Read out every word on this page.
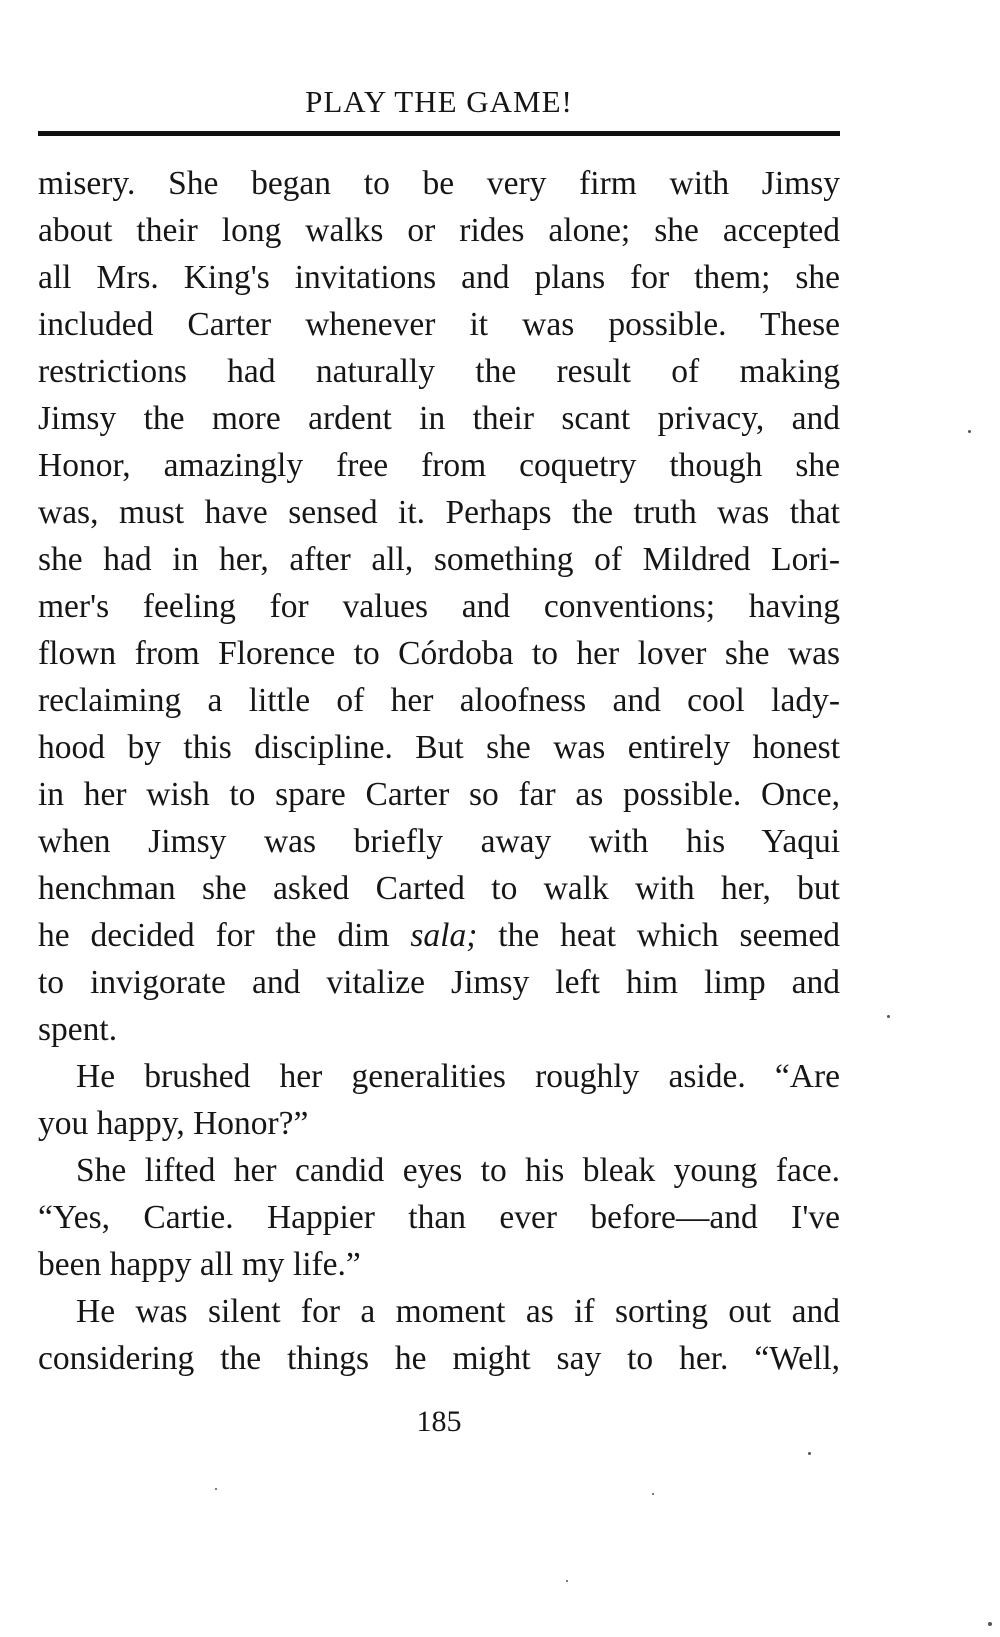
PLAY THE GAME!
misery. She began to be very firm with Jimsy
about their long walks or rides alone; she accepted
all Mrs. King's invitations and plans for them; she
included Carter whenever it was possible. These
restrictions had naturally the result of making
Jimsy the more ardent in their scant privacy, and
Honor, amazingly free from coquetry though she
was, must have sensed it. Perhaps the truth was that
she had in her, after all, something of Mildred Lori-
mer's feeling for values and conventions; having
flown from Florence to Córdoba to her lover she was
reclaiming a little of her aloofness and cool lady-
hood by this discipline. But she was entirely honest
in her wish to spare Carter so far as possible. Once,
when Jimsy was briefly away with his Yaqui
henchman she asked Carted to walk with her, but
he decided for the dim sala; the heat which seemed
to invigorate and vitalize Jimsy left him limp and
spent.
He brushed her generalities roughly aside. “Are
you happy, Honor?”
She lifted her candid eyes to his bleak young face.
“Yes, Cartie. Happier than ever before—and I've
been happy all my life.”
He was silent for a moment as if sorting out and
considering the things he might say to her. “Well,
185
